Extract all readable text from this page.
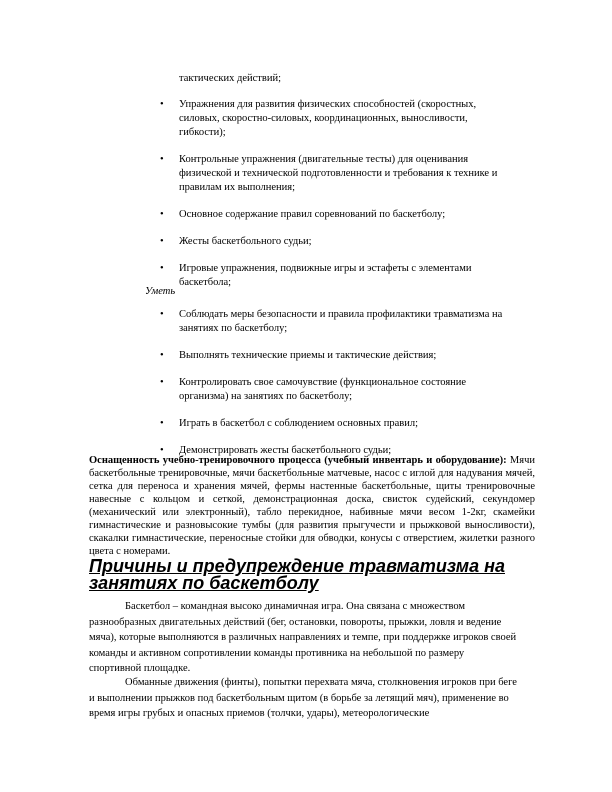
тактических действий;
• Упражнения для развития физических способностей (скоростных, силовых, скоростно-силовых, координационных, выносливости, гибкости);
• Контрольные упражнения (двигательные тесты) для оценивания физической и технической подготовленности и требования к технике и правилам их выполнения;
• Основное содержание правил соревнований по баскетболу;
• Жесты баскетбольного судьи;
• Игровые упражнения, подвижные игры и эстафеты с элементами баскетбола;
Уметь
• Соблюдать меры безопасности и правила профилактики травматизма на занятиях по баскетболу;
• Выполнять технические приемы и тактические действия;
• Контролировать свое самочувствие (функциональное состояние организма) на занятиях по баскетболу;
• Играть в баскетбол с соблюдением основных правил;
• Демонстрировать жесты баскетбольного судьи;
Оснащенность учебно-тренировочного процесса (учебный инвентарь и оборудование): Мячи баскетбольные тренировочные, мячи баскетбольные матчевые, насос с иглой для надувания мячей, сетка для переноса и хранения мячей, фермы настенные баскетбольные, щиты тренировочные навесные с кольцом и сеткой, демонстрационная доска, свисток судейский, секундомер (механический или электронный), табло перекидное, набивные мячи весом 1-2кг, скамейки гимнастические и разновысокие тумбы (для развития прыгучести и прыжковой выносливости), скакалки гимнастические, переносные стойки для обводки, конусы с отверстием, жилетки разного цвета с номерами.
Причины и предупреждение травматизма на занятиях по баскетболу
Баскетбол – командная высоко динамичная игра. Она связана с множеством разнообразных двигательных действий (бег, остановки, повороты, прыжки, ловля и ведение мяча), которые выполняются в различных направлениях и темпе, при поддержке игроков своей команды и активном сопротивлении команды противника на небольшой по размеру спортивной площадке.
Обманные движения (финты), попытки перехвата мяча, столкновения игроков при беге и выполнении прыжков под баскетбольным щитом (в борьбе за летящий мяч), применение во время игры грубых и опасных приемов (толчки, удары), метеорологические
